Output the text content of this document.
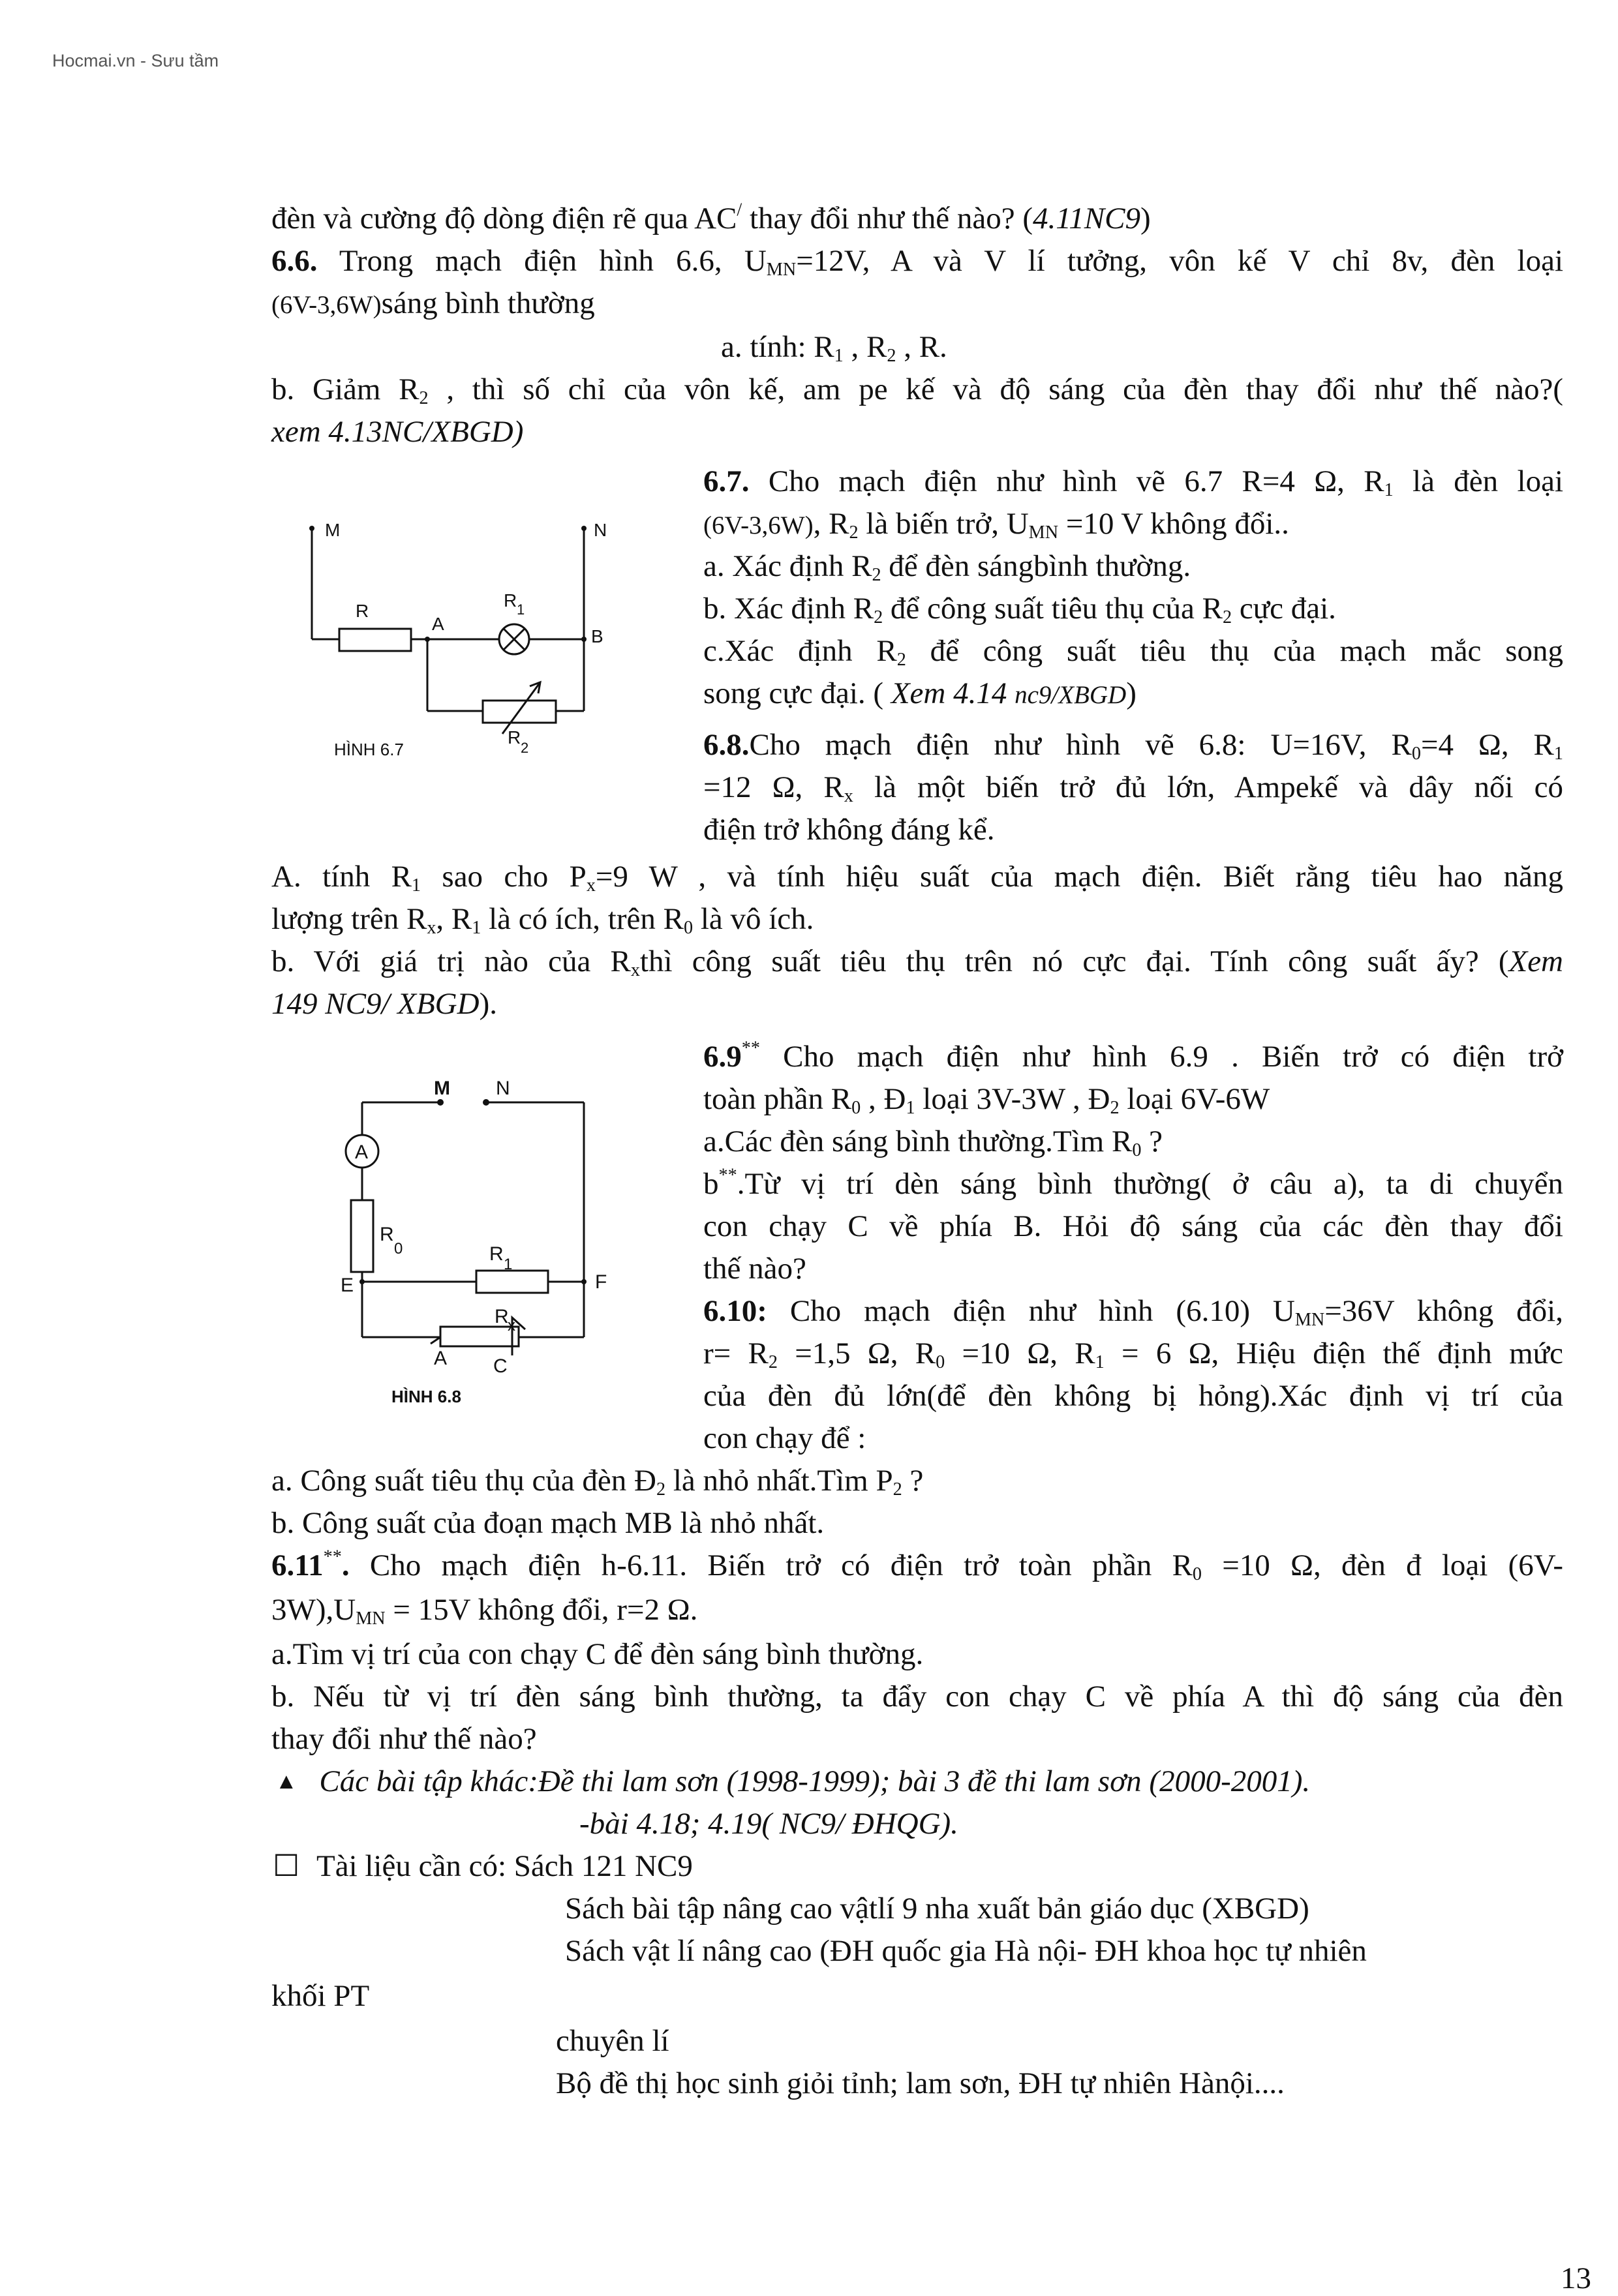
Hocmai.vn - Sưu tầm
đèn và cường độ dòng điện rẽ qua AC/ thay đổi như thế nào? (4.11NC9)
6.6. Trong mạch điện hình 6.6, $U_{MN}=12V$, A và V lí tưởng, vôn kế V chỉ 8v, đèn loại
(6V-3,6W)sáng bình thường
a. tính: $R_1$ , $R_2$ , R.
b. Giảm $R_2$ , thì số chỉ của vôn kế, am pe kế và độ sáng của đèn thay đổi như thế nào?(
xem 4.13NC/XBGD)
M	N
R
A
R 1
B
R
2
HÌNH 6.7
6.7. Cho mạch điện như hình vẽ 6.7 R=4 Ω, $R_1$ là đèn loại
(6V-3,6W), $R_2$ là biến trở, $U_{MN} =10$ V không đổi..
a. Xác định $R_2$ để đèn sángbình thường.
b. Xác định $R_2$ để công suất tiêu thụ của $R_2$ cực đại.
c.Xác định $R_2$ để công suất tiêu thụ của mạch mắc song
song cực đại. ( Xem 4.14 nc9/XBGD)
6.8.Cho mạch điện như hình vẽ 6.8: U=16V, $R_0=4$ Ω, $R_1$
=12 Ω, $R_x$ là một biến trở đủ lớn, Ampekế và dây nối có
điện trở không đáng kể.
A. tính $R_1$ sao cho $P_x=9$ W , và tính hiệu suất của mạch điện. Biết rằng tiêu hao năng
lượng trên $R_x$, $R_1$ là có ích, trên $R_0$ là vô ích.
b. Với giá trị nào của $R_xthì$ công suất tiêu thụ trên nó cực đại. Tính công suất ấy? (Xem
149 NC9/ XBGD).
M N
A
R
0	R 1
E	F
R
x
A C
HÌNH 6.8
6.9** Cho mạch điện như hình 6.9 . Biến trở có điện trở
toàn phần $R_0$ , $Đ_1$ loại 3V-3W , $Đ_2$ loại 6V-6W
a.Các đèn sáng bình thường.Tìm $R_0$ ?
b**.Từ vị trí dèn sáng bình thường( ở câu a), ta di chuyển
con chạy C về phía B. Hỏi độ sáng của các đèn thay đổi
thế nào?
6.10: Cho mạch điện như hình (6.10) $U_{MN}=36V$ không đổi,
$r= R_2 =1,5$ Ω, $R_0 =10$ Ω, $R_1 = 6$ Ω, Hiệu điện thế định mức
của đèn đủ lớn(để đèn không bị hỏng).Xác định vị trí của
con chạy để :
a. Công suất tiêu thụ của đèn $Đ_2$ là nhỏ nhất.Tìm $P_2$ ?
b. Công suất của đoạn mạch MB là nhỏ nhất.
6.11**. Cho mạch điện h-6.11. Biến trở có điện trở toàn phần $R_0 =10$ Ω, đèn đ loại (6V-
$3W),U_{MN} = 15V$ không đổi, r=2 Ω.
a.Tìm vị trí của con chạy C để đèn sáng bình thường.
b. Nếu từ vị trí đèn sáng bình thường, ta đẩy con chạy C về phía A thì độ sáng của đèn
thay đổi như thế nào?
▲ Các bài tập khác:Đề thi lam sơn (1998-1999); bài 3 đề thi lam sơn (2000-2001).
-bài 4.18; 4.19( NC9/ ĐHQG).
☐ Tài liệu cần có: Sách 121 NC9
Sách bài tập nâng cao vậtlí 9 nha xuất bản giáo dục (XBGD)
Sách vật lí nâng cao (ĐH quốc gia Hà nội- ĐH khoa học tự nhiên
khối PT
chuyên lí
Bộ đề thị học sinh giỏi tỉnh; lam sơn, ĐH tự nhiên Hànội....
13
